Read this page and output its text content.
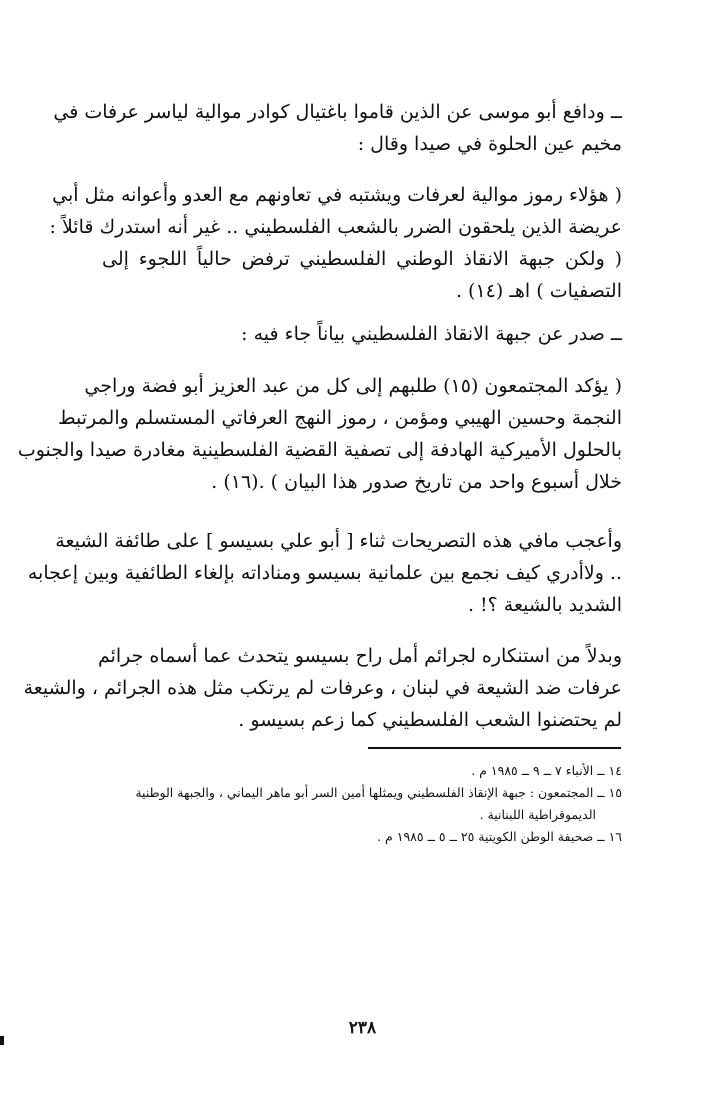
ــ ودافع أبو موسى عن الذين قاموا باغتيال كوادر موالية لياسر عرفات في
مخيم عين الحلوة في صيدا وقال :
( هؤلاء رموز موالية لعرفات ويشتبه في تعاونهم مع العدو وأعوانه مثل أبي
عريضة الذين يلحقون الضرر بالشعب الفلسطيني .. غير أنه استدرك قائلاً :
( ولكن جبهة الانقاذ الوطني الفلسطيني ترفض حالياً اللجوء إلى
التصفيات ) اهـ (١٤) .
ــ صدر عن جبهة الانقاذ الفلسطيني بياناً جاء فيه :
( يؤكد المجتمعون (١٥) طلبهم إلى كل من عبد العزيز أبو فضة وراجي
النجمة وحسين الهيبي ومؤمن ، رموز النهج العرفاتي المستسلم والمرتبط
بالحلول الأميركية الهادفة إلى تصفية القضية الفلسطينية مغادرة صيدا والجنوب
خلال أسبوع واحد من تاريخ صدور هذا البيان ) .(١٦) .
وأعجب مافي هذه التصريحات ثناء [ أبو علي بسيسو ] على طائفة الشيعة
.. ولاأدري كيف نجمع بين علمانية بسيسو ومناداته بإلغاء الطائفية وبين إعجابه
الشديد بالشيعة ؟! .
وبدلاً من استنكاره لجرائم أمل راح بسيسو يتحدث عما أسماه جرائم
عرفات ضد الشيعة في لبنان ، وعرفات لم يرتكب مثل هذه الجرائم ، والشيعة
لم يحتضنوا الشعب الفلسطيني كما زعم بسيسو .
١٤ ــ الأنباء ٧ ــ ٩ ــ ١٩٨٥ م .
١٥ ــ المجتمعون : جبهة الإنقاذ الفلسطيني ويمثلها أمين السر أبو ماهر اليماني ، والجبهة الوطنية
الديموقراطية اللبنانية .
١٦ ــ صحيفة الوطن الكويتية ٢٥ ــ ٥ ــ ١٩٨٥ م .
٢٣٨
